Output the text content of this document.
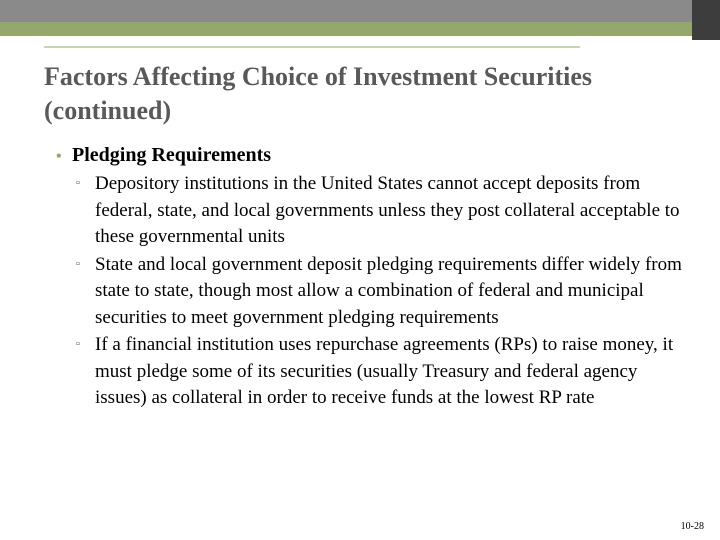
Factors Affecting Choice of Investment Securities (continued)
• Pledging Requirements
▫ Depository institutions in the United States cannot accept deposits from federal, state, and local governments unless they post collateral acceptable to these governmental units
▫ State and local government deposit pledging requirements differ widely from state to state, though most allow a combination of federal and municipal securities to meet government pledging requirements
▫ If a financial institution uses repurchase agreements (RPs) to raise money, it must pledge some of its securities (usually Treasury and federal agency issues) as collateral in order to receive funds at the lowest RP rate
10-28
